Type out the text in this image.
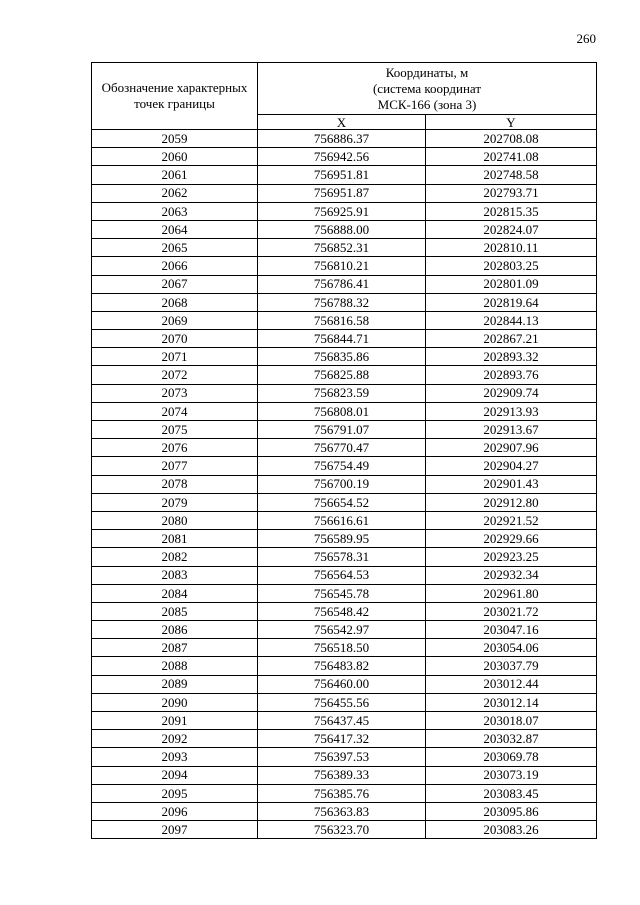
260
Обозначение характерных точек границы	Координаты, м
(система координат
МСК-166 (зона 3)	

	X	Y
2059	756886.37	202708.08
2060	756942.56	202741.08
2061	756951.81	202748.58
2062	756951.87	202793.71
2063	756925.91	202815.35
2064	756888.00	202824.07
2065	756852.31	202810.11
2066	756810.21	202803.25
2067	756786.41	202801.09
2068	756788.32	202819.64
2069	756816.58	202844.13
2070	756844.71	202867.21
2071	756835.86	202893.32
2072	756825.88	202893.76
2073	756823.59	202909.74
2074	756808.01	202913.93
2075	756791.07	202913.67
2076	756770.47	202907.96
2077	756754.49	202904.27
2078	756700.19	202901.43
2079	756654.52	202912.80
2080	756616.61	202921.52
2081	756589.95	202929.66
2082	756578.31	202923.25
2083	756564.53	202932.34
2084	756545.78	202961.80
2085	756548.42	203021.72
2086	756542.97	203047.16
2087	756518.50	203054.06
2088	756483.82	203037.79
2089	756460.00	203012.44
2090	756455.56	203012.14
2091	756437.45	203018.07
2092	756417.32	203032.87
2093	756397.53	203069.78
2094	756389.33	203073.19
2095	756385.76	203083.45
2096	756363.83	203095.86
2097	756323.70	203083.26
